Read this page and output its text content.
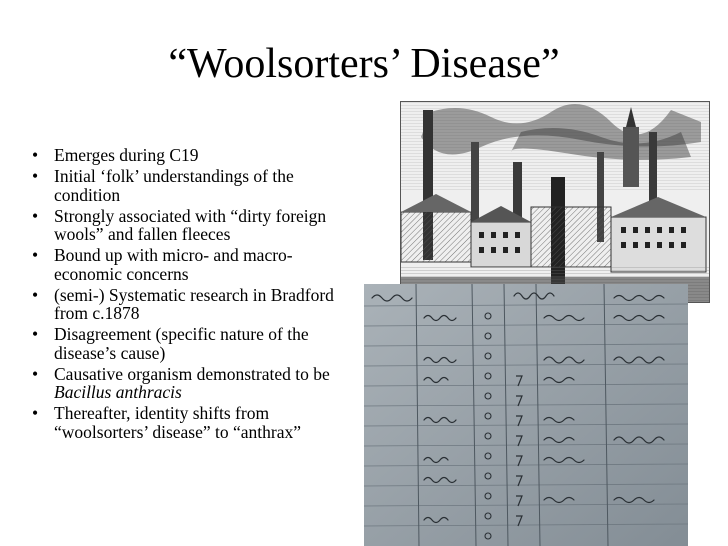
“Woolsorters’ Disease”
• Emerges during C19
• Initial ‘folk’ understandings of the condition
• Strongly associated with “dirty foreign wools” and fallen fleeces
• Bound up with micro- and macro-economic concerns
• (semi-) Systematic research in Bradford from c.1878
• Disagreement (specific nature of the disease’s cause)
• Causative organism demonstrated to be Bacillus anthracis
• Thereafter, identity shifts from “woolsorters’ disease” to “anthrax”
